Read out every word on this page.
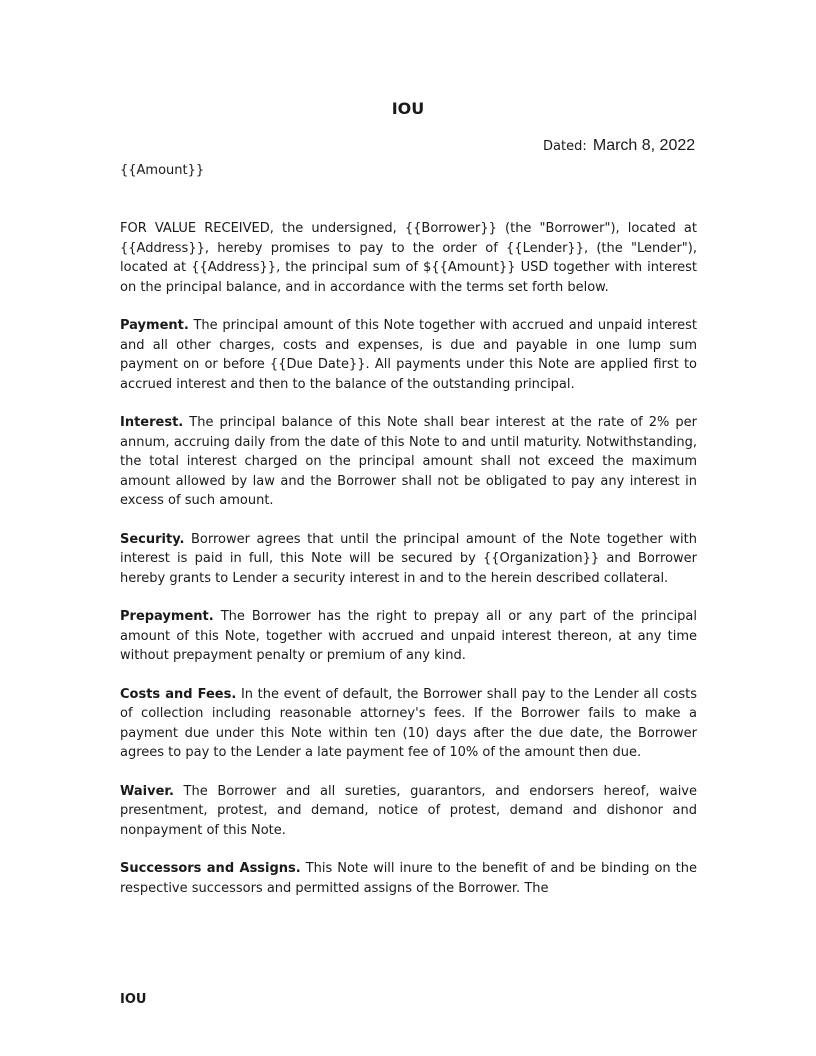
IOU
Dated: March 8, 2022

{{Amount}}

FOR VALUE RECEIVED, the undersigned, {{Borrower}} (the "Borrower"), located at {{Address}}, hereby promises to pay to the order of {{Lender}}, (the "Lender"), located at {{Address}}, the principal sum of ${{Amount}} USD together with interest on the principal balance, and in accordance with the terms set forth below.

Payment. The principal amount of this Note together with accrued and unpaid interest and all other charges, costs and expenses, is due and payable in one lump sum payment on or before {{Due Date}}. All payments under this Note are applied first to accrued interest and then to the balance of the outstanding principal.

Interest. The principal balance of this Note shall bear interest at the rate of 2% per annum, accruing daily from the date of this Note to and until maturity. Notwithstanding, the total interest charged on the principal amount shall not exceed the maximum amount allowed by law and the Borrower shall not be obligated to pay any interest in excess of such amount.

Security. Borrower agrees that until the principal amount of the Note together with interest is paid in full, this Note will be secured by {{Organization}} and Borrower hereby grants to Lender a security interest in and to the herein described collateral.

Prepayment. The Borrower has the right to prepay all or any part of the principal amount of this Note, together with accrued and unpaid interest thereon, at any time without prepayment penalty or premium of any kind.

Costs and Fees. In the event of default, the Borrower shall pay to the Lender all costs of collection including reasonable attorney's fees. If the Borrower fails to make a payment due under this Note within ten (10) days after the due date, the Borrower agrees to pay to the Lender a late payment fee of 10% of the amount then due.

Waiver. The Borrower and all sureties, guarantors, and endorsers hereof, waive presentment, protest, and demand, notice of protest, demand and dishonor and nonpayment of this Note.

Successors and Assigns. This Note will inure to the benefit of and be binding on the respective successors and permitted assigns of the Borrower. The

IOU
